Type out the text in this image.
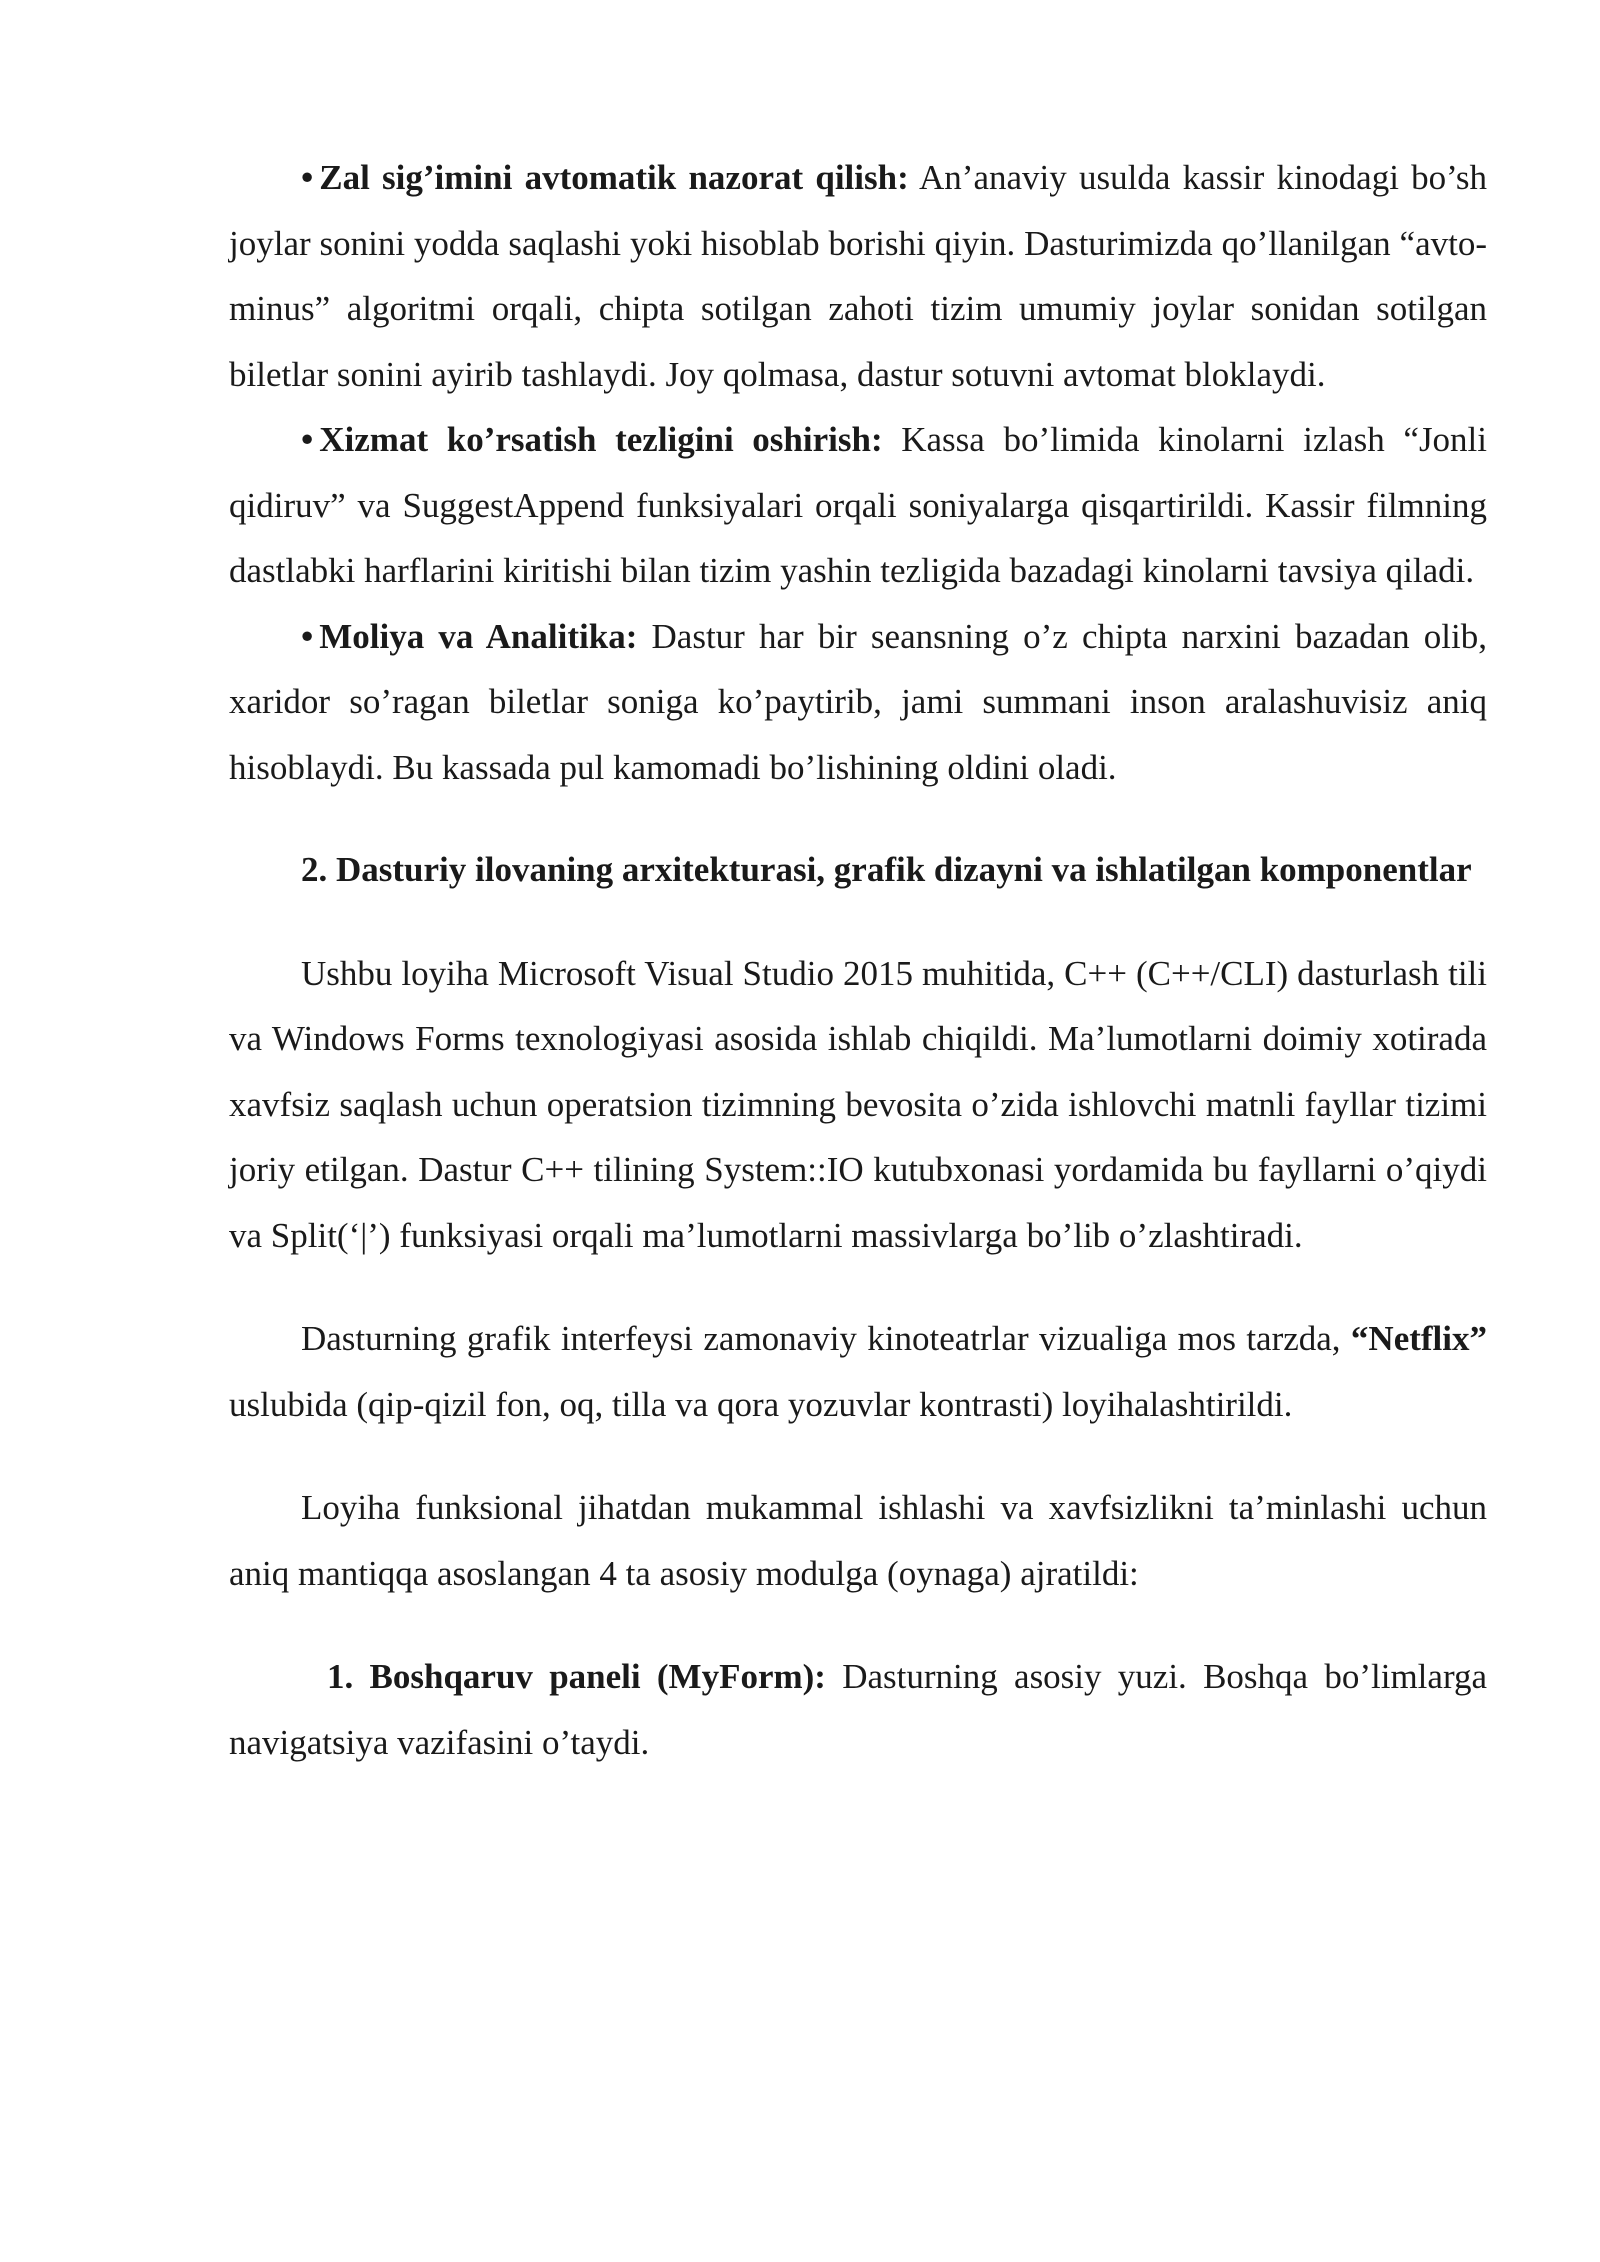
• Zal sig’imini avtomatik nazorat qilish: An’anaviy usulda kassir kinodagi bo’sh joylar sonini yodda saqlashi yoki hisoblab borishi qiyin. Dasturimizda qo’llanilgan “avto-minus” algoritmi orqali, chipta sotilgan zahoti tizim umumiy joylar sonidan sotilgan biletlar sonini ayirib tashlaydi. Joy qolmasa, dastur sotuvni avtomat bloklaydi.

• Xizmat ko’rsatish tezligini oshirish: Kassa bo’limida kinolarni izlash “Jonli qidiruv” va SuggestAppend funksiyalari orqali soniyalarga qisqartirildi. Kassir filmning dastlabki harflarini kiritishi bilan tizim yashin tezligida bazadagi kinolarni tavsiya qiladi.

• Moliya va Analitika: Dastur har bir seansning o’z chipta narxini bazadan olib, xaridor so’ragan biletlar soniga ko’paytirib, jami summani inson aralashuvisiz aniq hisoblaydi. Bu kassada pul kamomadi bo’lishining oldini oladi.

2. Dasturiy ilovaning arxitekturasi, grafik dizayni va ishlatilgan komponentlar

Ushbu loyiha Microsoft Visual Studio 2015 muhitida, C++ (C++/CLI) dasturlash tili va Windows Forms texnologiyasi asosida ishlab chiqildi. Ma’lumotlarni doimiy xotirada xavfsiz saqlash uchun operatsion tizimning bevosita o’zida ishlovchi matnli fayllar tizimi joriy etilgan. Dastur C++ tilining System::IO kutubxonasi yordamida bu fayllarni o’qiydi va Split(‘|’) funksiyasi orqali ma’lumotlarni massivlarga bo’lib o’zlashtiradi.

Dasturning grafik interfeysi zamonaviy kinoteatrlar vizualiga mos tarzda, “Netflix” uslubida (qip-qizil fon, oq, tilla va qora yozuvlar kontrasti) loyihalashtirildi.

Loyiha funksional jihatdan mukammal ishlashi va xavfsizlikni ta’minlashi uchun aniq mantiqqa asoslangan 4 ta asosiy modulga (oynaga) ajratildi:

1. Boshqaruv paneli (MyForm): Dasturning asosiy yuzi. Boshqa bo’limlarga navigatsiya vazifasini o’taydi.
